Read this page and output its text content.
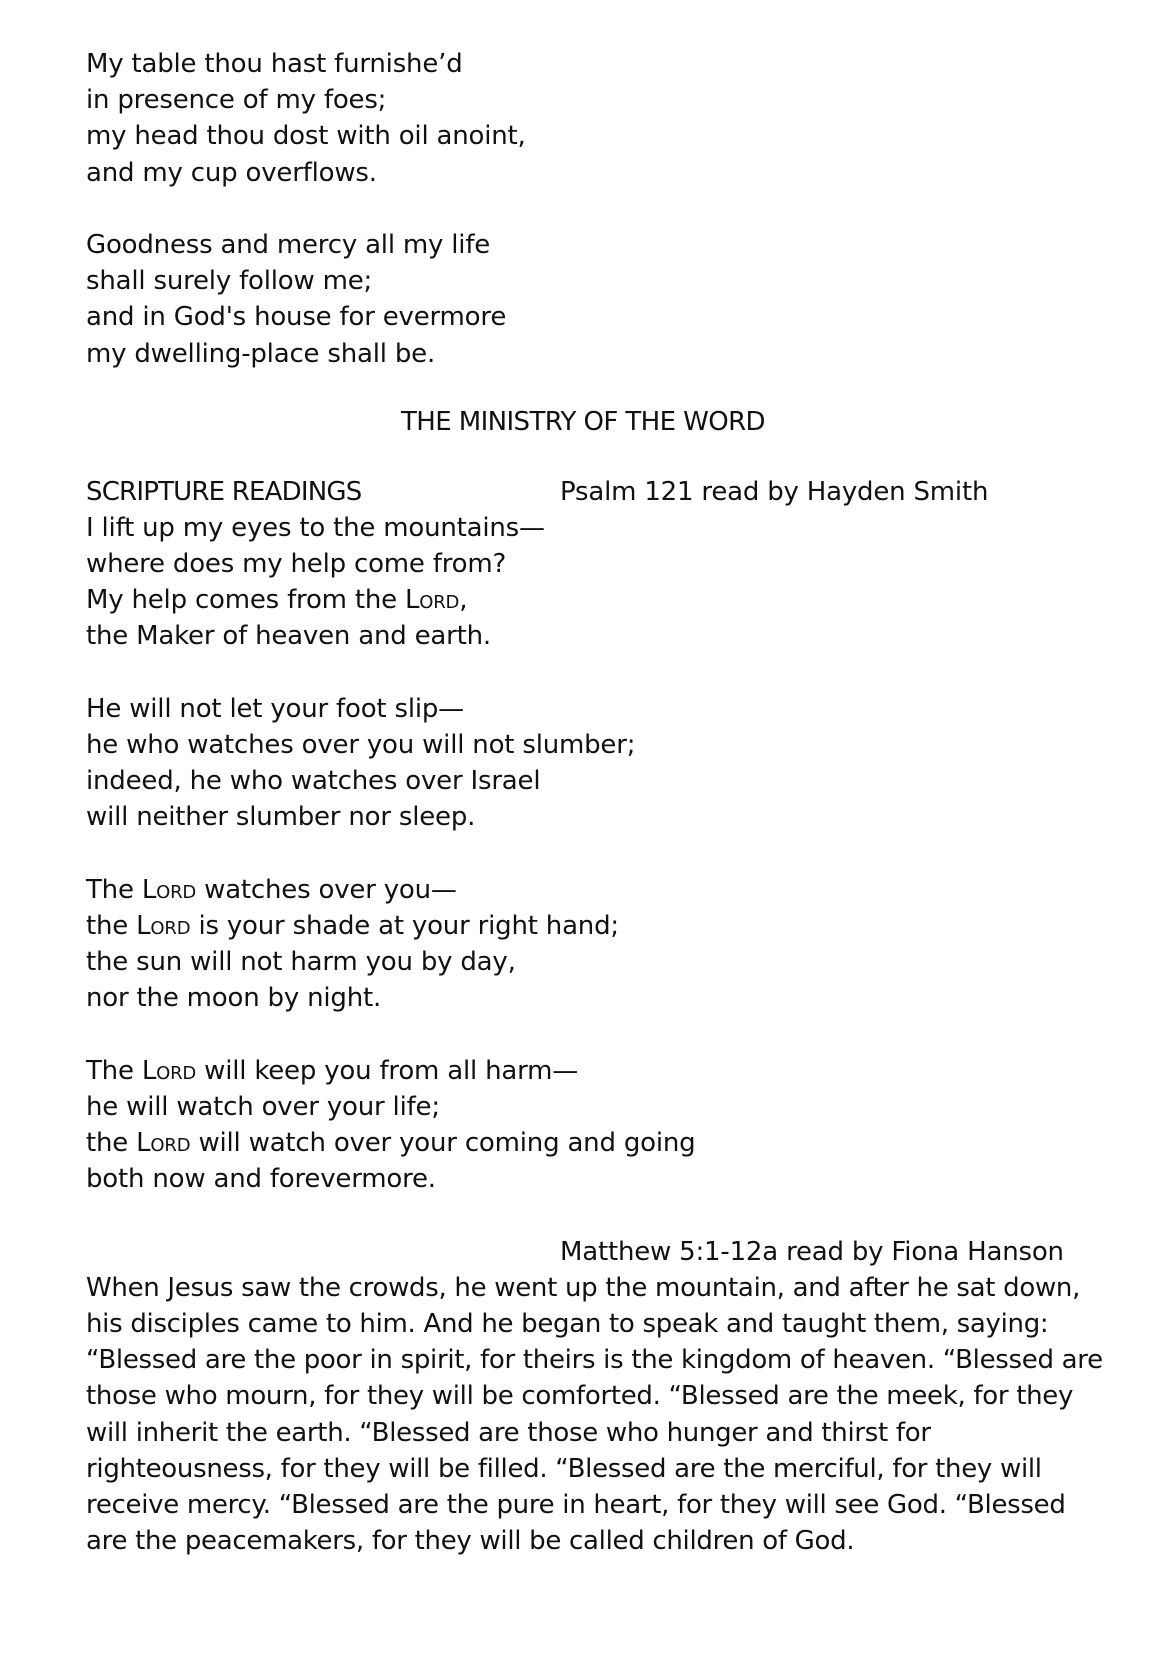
My table thou hast furnishe’d
in presence of my foes;
my head thou dost with oil anoint,
and my cup overflows.
Goodness and mercy all my life
shall surely follow me;
and in God's house for evermore
my dwelling-place shall be.
THE MINISTRY OF THE WORD
SCRIPTURE READINGS	Psalm 121 read by Hayden Smith
I lift up my eyes to the mountains—
where does my help come from?
My help comes from the Lord,
the Maker of heaven and earth.
He will not let your foot slip—
he who watches over you will not slumber;
indeed, he who watches over Israel
will neither slumber nor sleep.
The Lord watches over you—
the Lord is your shade at your right hand;
the sun will not harm you by day,
nor the moon by night.
The Lord will keep you from all harm—
he will watch over your life;
the Lord will watch over your coming and going
both now and forevermore.
Matthew 5:1-12a read by Fiona Hanson
When Jesus saw the crowds, he went up the mountain, and after he sat down, his disciples came to him. And he began to speak and taught them, saying: “Blessed are the poor in spirit, for theirs is the kingdom of heaven. “Blessed are those who mourn, for they will be comforted. “Blessed are the meek, for they will inherit the earth. “Blessed are those who hunger and thirst for righteousness, for they will be filled. “Blessed are the merciful, for they will receive mercy. “Blessed are the pure in heart, for they will see God. “Blessed are the peacemakers, for they will be called children of God.
